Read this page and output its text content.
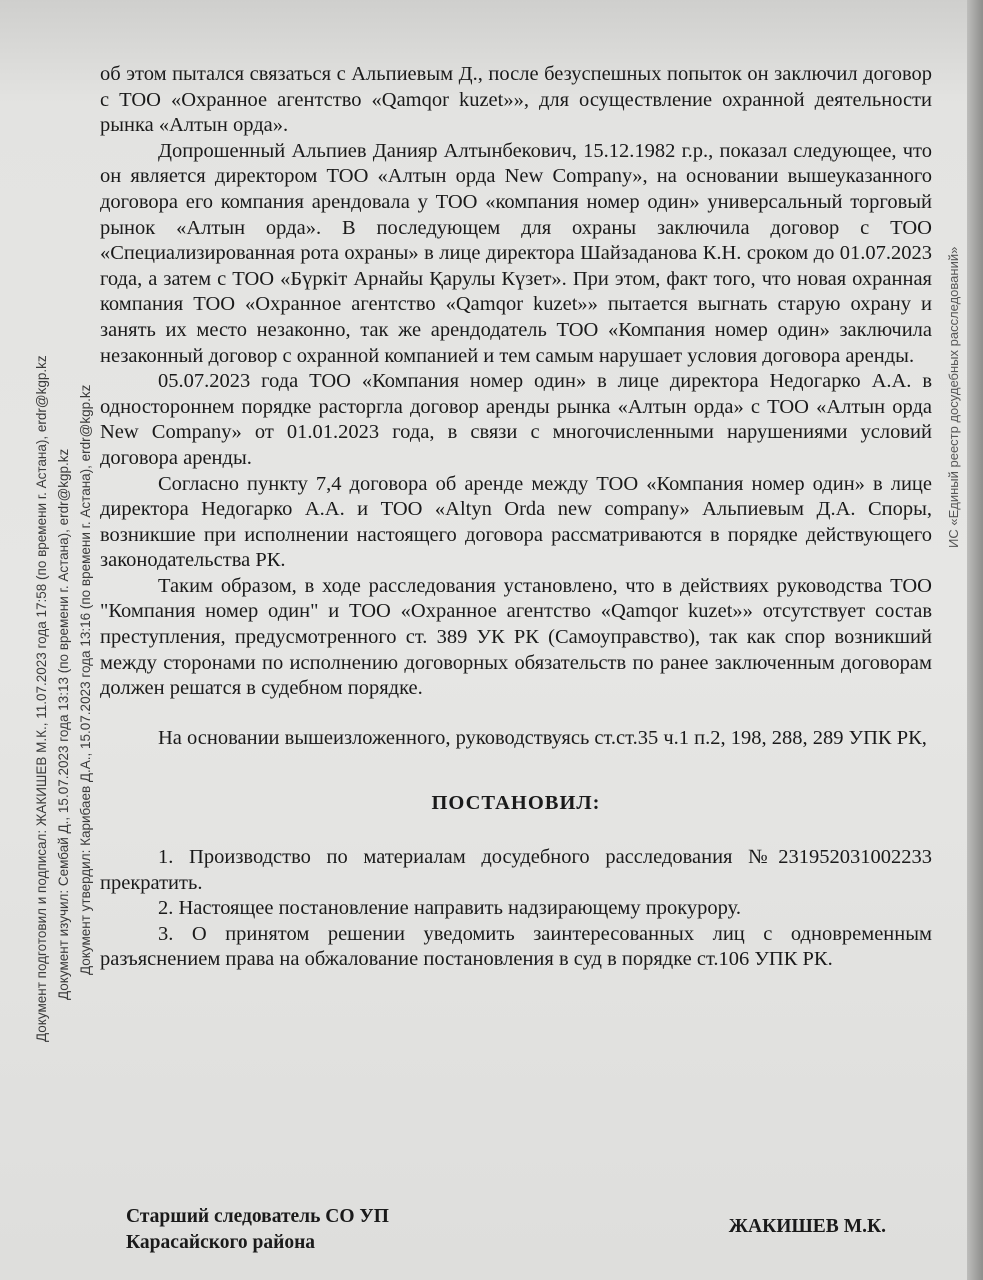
Документ подготовил и подписал: ЖАКИШЕВ М.К., 11.07.2023 года 17:58 (по времени г. Астана), erdr@kgp.kz Документ изучил: Сембай Д., 15.07.2023 года 13:13 (по времени г. Астана), erdr@kgp.kz Документ утвердил: Карибаев Д.А., 15.07.2023 года 13:16 (по времени г. Астана), erdr@kgp.kz	ИС «Единый реестр досудебных расследований»

об этом пытался связаться с Альпиевым Д., после безуспешных попыток он заключил договор с ТОО «Охранное агентство «Qamqor kuzet»», для осуществление охранной деятельности рынка «Алтын орда».

Допрошенный Альпиев Данияр Алтынбекович, 15.12.1982 г.р., показал следующее, что он является директором ТОО «Алтын орда New Company», на основании вышеуказанного договора его компания арендовала у ТОО «компания номер один» универсальный торговый рынок «Алтын орда». В последующем для охраны заключила договор с ТОО «Специализированная рота охраны» в лице директора Шайзаданова К.Н. сроком до 01.07.2023 года, а затем с ТОО «Бүркіт Арнайы Қарулы Күзет». При этом, факт того, что новая охранная компания ТОО «Охранное агентство «Qamqor kuzet»» пытается выгнать старую охрану и занять их место незаконно, так же арендодатель ТОО «Компания номер один» заключила незаконный договор с охранной компанией и тем самым нарушает условия договора аренды.

05.07.2023 года ТОО «Компания номер один» в лице директора Недогарко А.А. в одностороннем порядке расторгла договор аренды рынка «Алтын орда» с ТОО «Алтын орда New Company» от 01.01.2023 года, в связи с многочисленными нарушениями условий договора аренды.

Согласно пункту 7,4 договора об аренде между ТОО «Компания номер один» в лице директора Недогарко А.А. и ТОО «Altyn Orda new company» Альпиевым Д.А. Споры, возникшие при исполнении настоящего договора рассматриваются в порядке действующего законодательства РК.

Таким образом, в ходе расследования установлено, что в действиях руководства ТОО "Компания номер один" и ТОО «Охранное агентство «Qamqor kuzet»» отсутствует состав преступления, предусмотренного ст. 389 УК РК (Самоуправство), так как спор возникший между сторонами по исполнению договорных обязательств по ранее заключенным договорам должен решатся в судебном порядке.

На основании вышеизложенного, руководствуясь ст.ст.35 ч.1 п.2, 198, 288, 289 УПК РК,

ПОСТАНОВИЛ:

1. Производство по материалам досудебного расследования №231952031002233 прекратить.

2. Настоящее постановление направить надзирающему прокурору.

3. О принятом решении уведомить заинтересованных лиц с одновременным разъяснением права на обжалование постановления в суд в порядке ст.106 УПК РК.

Старший следователь СО УП
Карасайского района
ЖАКИШЕВ М.К.
